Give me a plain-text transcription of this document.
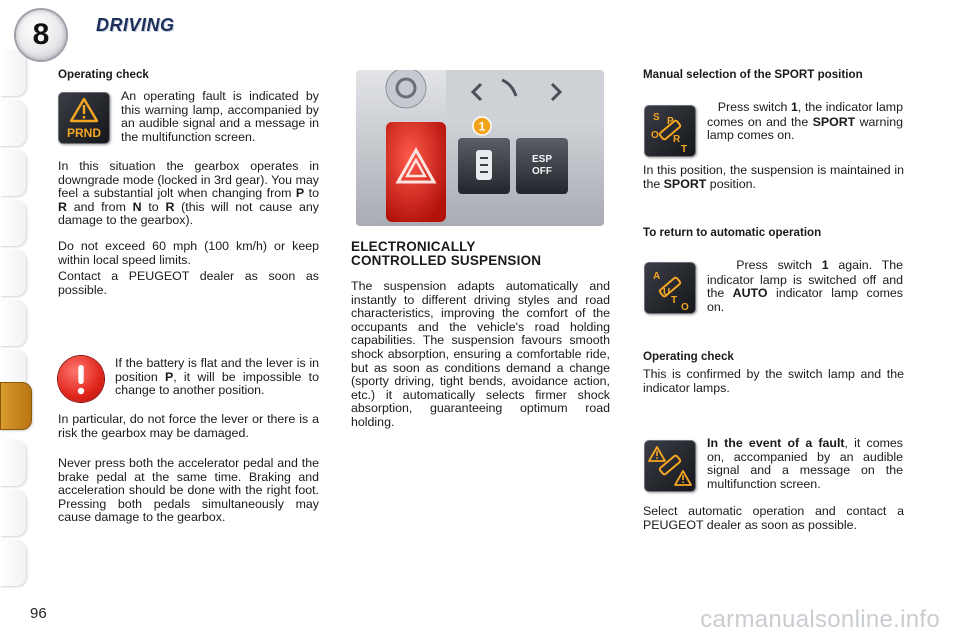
8	DRIVING
Operating check
PRND
An operating fault is indicated by this warning lamp, accompanied by an audible signal and a message in the multifunction screen.
In this situation the gearbox operates in downgrade mode (locked in 3rd gear). You may feel a substantial jolt when changing from P to R and from N to R (this will not cause any damage to the gearbox).
Do not exceed 60 mph (100 km/h) or keep within local speed limits.
Contact a PEUGEOT dealer as soon as possible.
If the battery is flat and the lever is in position P, it will be impossible to change to another position.
In particular, do not force the lever or there is a risk the gearbox may be damaged.
Never press both the accelerator pedal and the brake pedal at the same time. Braking and acceleration should be done with the right foot. Pressing both pedals simultaneously may cause damage to the gearbox.
ESP
OFF
1
ELECTRONICALLY
CONTROLLED SUSPENSION
The suspension adapts automatically and instantly to different driving styles and road characteristics, improving the comfort of the occupants and the vehicle's road holding capabilities. The suspension favours smooth shock absorption, ensuring a comfortable ride, but as soon as conditions demand a change (sporty driving, tight bends, avoidance action, etc.) it automatically selects firmer shock absorption, guaranteeing optimum road holding.
Manual selection of the SPORT position
S P
O R
T
Press switch 1, the indicator lamp comes on and the SPORT warning lamp comes on.
In this position, the suspension is maintained in the SPORT position.
To return to automatic operation
A
U
T
O
Press switch 1 again. The indicator lamp is switched off and the AUTO indicator lamp comes on.
Operating check
This is confirmed by the switch lamp and the indicator lamps.
In the event of a fault, it comes on, accompanied by an audible signal and a message on the multifunction screen.
Select automatic operation and contact a PEUGEOT dealer as soon as possible.
96	carmanualsonline.info
